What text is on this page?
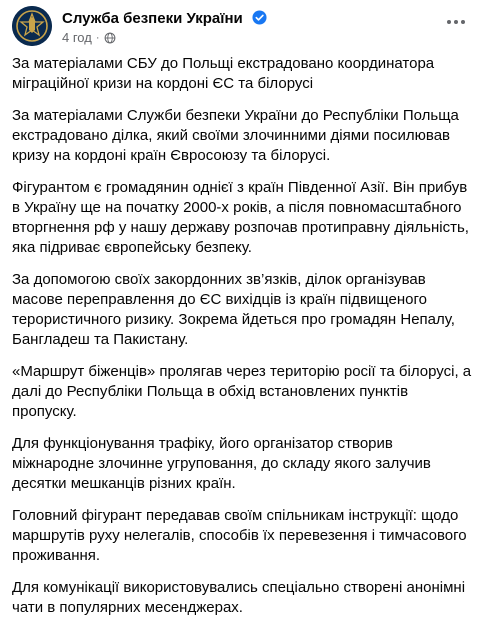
Служба безпеки України
4 год ·

За матеріалами СБУ до Польщі екстрадовано координатора міграційної кризи на кордоні ЄС та білорусі

За матеріалами Служби безпеки України до Республіки Польща екстрадовано ділка, який своїми злочинними діями посилював кризу на кордоні країн Євросоюзу та білорусі.

Фігурантом є громадянин однієї з країн Південної Азії. Він прибув в Україну ще на початку 2000-х років, а після повномасштабного вторгнення рф у нашу державу розпочав протиправну діяльність, яка підриває європейську безпеку.

За допомогою своїх закордонних зв’язків, ділок організував масове переправлення до ЄС вихідців із країн підвищеного терористичного ризику. Зокрема йдеться про громадян Непалу, Бангладеш та Пакистану.

«Маршрут біженців» пролягав через територію росії та білорусі, а далі до Республіки Польща в обхід встановлених пунктів пропуску.

Для функціонування трафіку, його організатор створив міжнародне злочинне угруповання, до складу якого залучив десятки мешканців різних країн.

Головний фігурант передавав своїм спільникам інструкції: щодо маршрутів руху нелегалів, способів їх перевезення і тимчасового проживання.

Для комунікації використовувались спеціально створені анонімні чати в популярних месенджерах.
